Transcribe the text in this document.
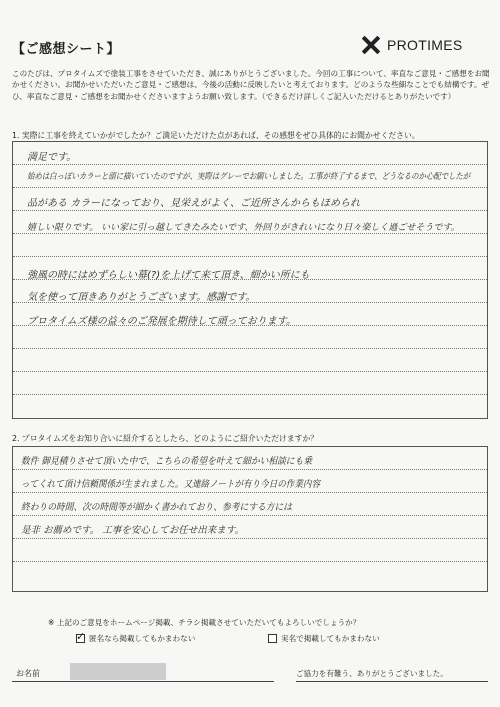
【ご感想シート】	PROTIMES
このたびは、プロタイムズで塗装工事をさせていただき、誠にありがとうございました。今回の工事について、率直なご意見・ご感想をお聞かせください。お聞かせいただいたご意見・ご感想は、今後の活動に反映したいと考えております。どのような些細なことでも結構です。ぜひ、率直なご意見・ご感想をお聞かせくださいますようお願い致します。（できるだけ詳しくご記入いただけるとありがたいです）
1. 実際に工事を終えていかがでしたか？ご満足いただけた点があれば、その感想をぜひ具体的にお聞かせください。
満足です。
始めは白っぽいカラーと頭に描いていたのですが、実際はグレーでお願いしました。工事が終了するまで、どうなるのか心配でしたが
品がある カラーになっており、見栄えがよく、ご近所さんからもほめられ
嬉しい限りです。 いい家に引っ越してきたみたいです、外回りがきれいになり日々楽しく過ごせそうです。
強風の時にはめずらしい幕(?)を上げて来て頂き、細かい所にも
気を使って頂きありがとうございます。感謝です。
プロタイムズ様の益々のご発展を期待して頑っております。
2. プロタイムズをお知り合いに紹介するとしたら、どのようにご紹介いただけますか？
数件 御見積りさせて頂いた中で、こちらの希望を叶えて細かい相談にも乗
ってくれて頂け信頼関係が生まれました。又連絡ノートが有り今日の作業内容
終わりの時間、次の時間等が細かく書かれており、参考にする方には
是非 お薦めです。 工事を安心してお任せ出来ます。
※ 上記のご意見をホームページ掲載、チラシ掲載させていただいてもよろしいでしょうか？
✓ 匿名なら掲載してもかまわない	実名で掲載してもかまわない
お名前	ご協力を有難う、ありがとうございました。
